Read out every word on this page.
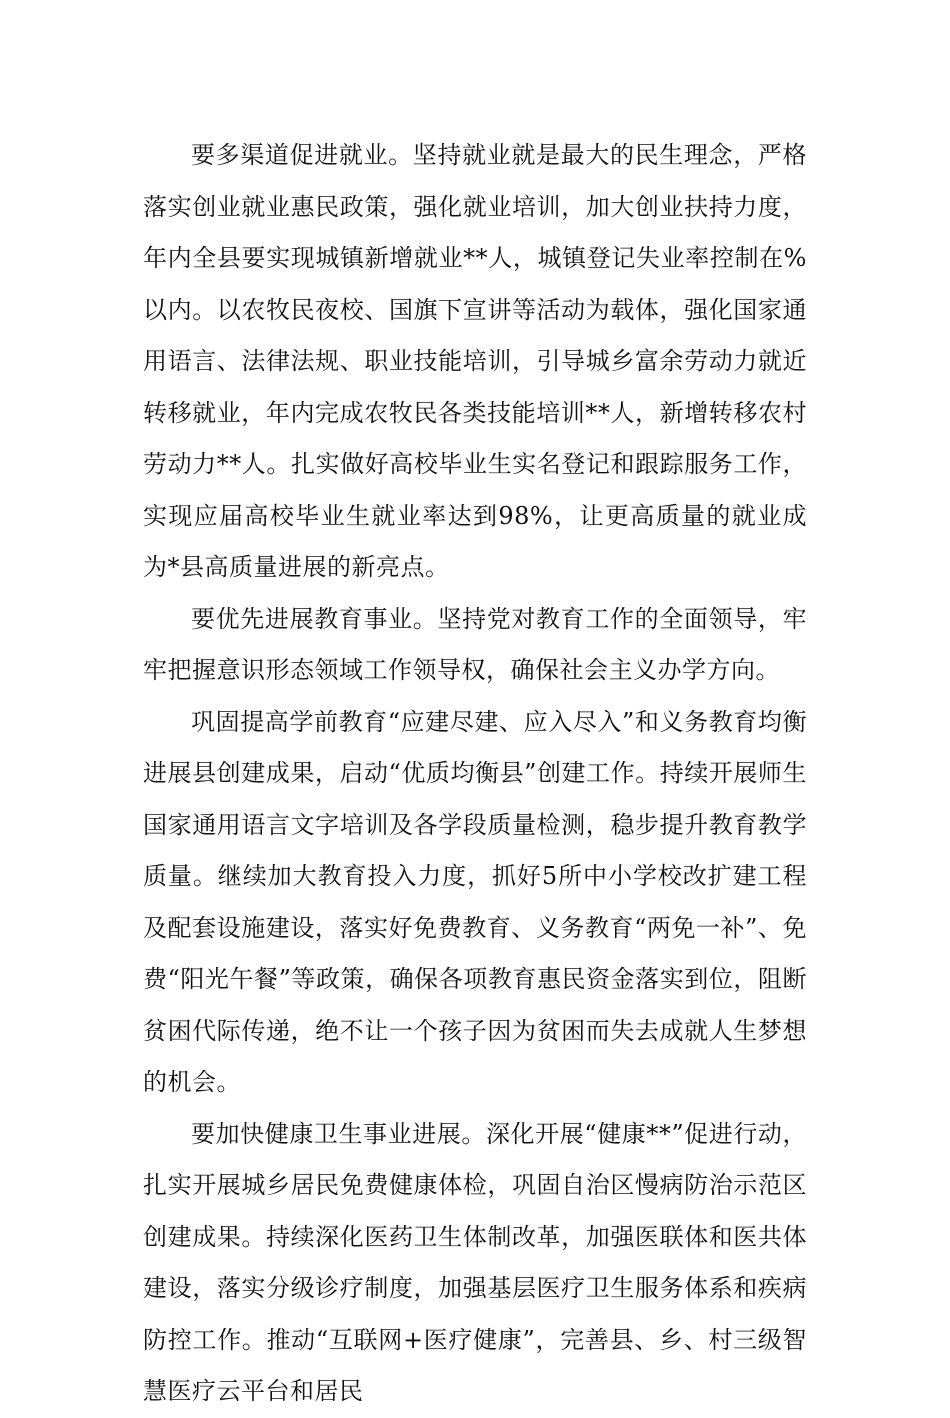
要多渠道促进就业。坚持就业就是最大的民生理念，严格落实创业就业惠民政策，强化就业培训，加大创业扶持力度，年内全县要实现城镇新增就业**人，城镇登记失业率控制在%以内。以农牧民夜校、国旗下宣讲等活动为载体，强化国家通用语言、法律法规、职业技能培训，引导城乡富余劳动力就近转移就业，年内完成农牧民各类技能培训**人，新增转移农村劳动力**人。扎实做好高校毕业生实名登记和跟踪服务工作，实现应届高校毕业生就业率达到98%，让更高质量的就业成为*县高质量进展的新亮点。

要优先进展教育事业。坚持党对教育工作的全面领导，牢牢把握意识形态领域工作领导权，确保社会主义办学方向。

巩固提高学前教育“应建尽建、应入尽入”和义务教育均衡进展县创建成果，启动“优质均衡县”创建工作。持续开展师生国家通用语言文字培训及各学段质量检测，稳步提升教育教学质量。继续加大教育投入力度，抓好5所中小学校改扩建工程及配套设施建设，落实好免费教育、义务教育“两免一补”、免费“阳光午餐”等政策，确保各项教育惠民资金落实到位，阻断贫困代际传递，绝不让一个孩子因为贫困而失去成就人生梦想的机会。

要加快健康卫生事业进展。深化开展“健康**”促进行动，扎实开展城乡居民免费健康体检，巩固自治区慢病防治示范区创建成果。持续深化医药卫生体制改革，加强医联体和医共体建设，落实分级诊疗制度，加强基层医疗卫生服务体系和疾病防控工作。推动“互联网+医疗健康”，完善县、乡、村三级智慧医疗云平台和居民
